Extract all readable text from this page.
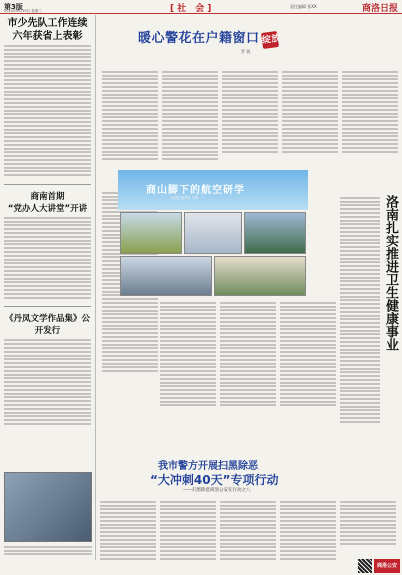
第3版
2015年8月19日 星期三	[社 会]	责任编辑 张XX	商洛日报
市少先队工作连续
六年获省上表彰
商南首期
“党办人大讲堂”开讲
《丹凤文学作品集》公开发行
暖心警花在户籍窗口绽放
罗 倩
商山脚下的航空研学
文/图 赵XX 刘X	洛南扎实推进卫生健康事业
我市警方开展扫黑除恶
“大冲刺40天”专项行动
——扫黑除恶商洛公安在行动之八
商洛公安
